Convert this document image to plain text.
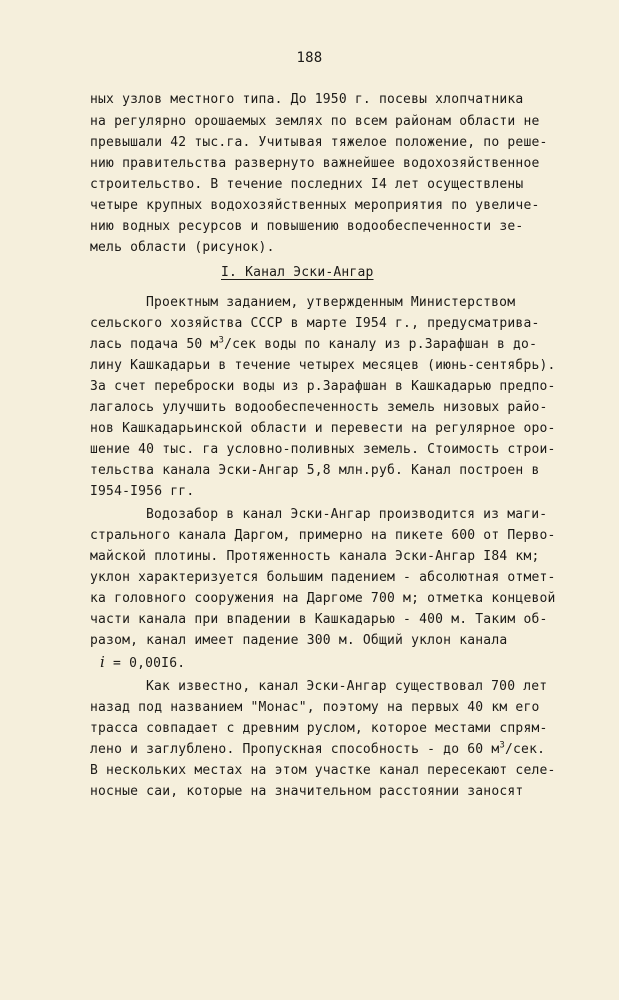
188
ных узлов местного типа. До 1950 г. посевы хлопчатника
на регулярно орошаемых землях по всем районам области не
превышали 42 тыс.га. Учитывая тяжелое положение, по реше-
нию правительства развернуто важнейшее водохозяйственное
строительство. В течение последних I4 лет осуществлены
четыре крупных водохозяйственных мероприятия по увеличе-
нию водных ресурсов и повышению водообеспеченности зе-
мель области (рисунок).
I. Канал Эски-Ангар
Проектным заданием, утвержденным Министерством
сельского хозяйства СССР в марте I954 г., предусматрива-
лась подача 50 $м^3$/сек воды по каналу из р.Зарафшан в до-
лину Кашкадарьи в течение четырех месяцев (июнь-сентябрь).
За счет переброски воды из р.Зарафшан в Кашкадарью предпо-
лагалось улучшить водообеспеченность земель низовых райо-
нов Кашкадарьинской области и перевести на регулярное оро-
шение 40 тыс. га условно-поливных земель. Стоимость строи-
тельства канала Эски-Ангар 5,8 млн.руб. Канал построен в
I954-I956 гг.
Водозабор в канал Эски-Ангар производится из маги-
стрального канала Даргом, примерно на пикете 600 от Перво-
майской плотины. Протяженность канала Эски-Ангар I84 км;
уклон характеризуется большим падением - абсолютная отмет-
ка головного сооружения на Даргоме 700 м; отметка концевой
части канала при впадении в Кашкадарью - 400 м. Таким об-
разом, канал имеет падение 300 м. Общий уклон канала
i = 0,00I6.
Как известно, канал Эски-Ангар существовал 700 лет
назад под названием "Монас", поэтому на первых 40 км его
трасса совпадает с древним руслом, которое местами спрям-
лено и заглублено. Пропускная способность - до 60 $м^3$/сек.
В нескольких местах на этом участке канал пересекают селе-
носные саи, которые на значительном расстоянии заносят
